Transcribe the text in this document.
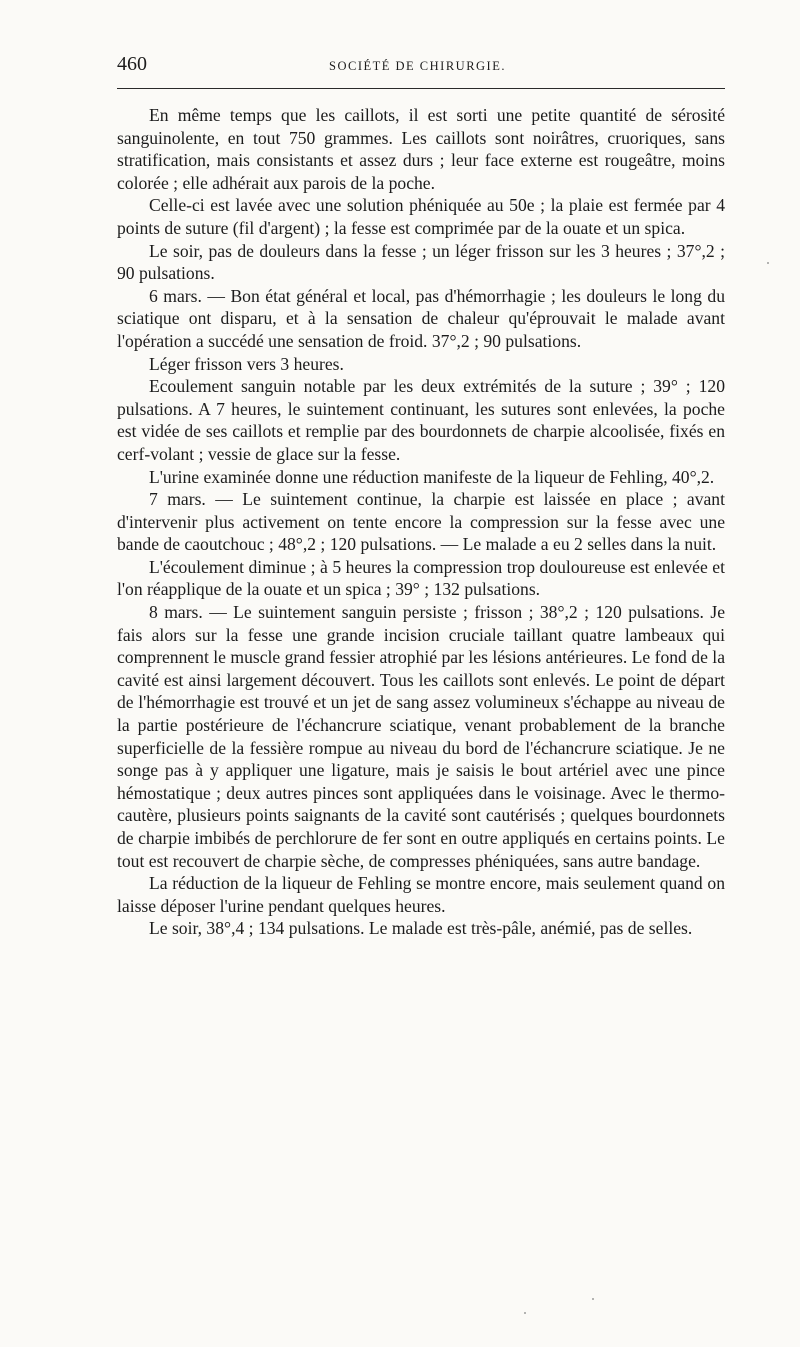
460	SOCIÉTÉ DE CHIRURGIE.

En même temps que les caillots, il est sorti une petite quantité de sérosité sanguinolente, en tout 750 grammes. Les caillots sont noirâtres, cruoriques, sans stratification, mais consistants et assez durs ; leur face externe est rougeâtre, moins colorée ; elle adhérait aux parois de la poche.

Celle-ci est lavée avec une solution phéniquée au 50e ; la plaie est fermée par 4 points de suture (fil d'argent) ; la fesse est comprimée par de la ouate et un spica.

Le soir, pas de douleurs dans la fesse ; un léger frisson sur les 3 heures ; 37°,2 ; 90 pulsations.

6 mars. — Bon état général et local, pas d'hémorrhagie ; les douleurs le long du sciatique ont disparu, et à la sensation de chaleur qu'éprouvait le malade avant l'opération a succédé une sensation de froid. 37°,2 ; 90 pulsations.

Léger frisson vers 3 heures.

Ecoulement sanguin notable par les deux extrémités de la suture ; 39° ; 120 pulsations. A 7 heures, le suintement continuant, les sutures sont enlevées, la poche est vidée de ses caillots et remplie par des bourdonnets de charpie alcoolisée, fixés en cerf-volant ; vessie de glace sur la fesse.

L'urine examinée donne une réduction manifeste de la liqueur de Fehling, 40°,2.

7 mars. — Le suintement continue, la charpie est laissée en place ; avant d'intervenir plus activement on tente encore la compression sur la fesse avec une bande de caoutchouc ; 48°,2 ; 120 pulsations. — Le malade a eu 2 selles dans la nuit.

L'écoulement diminue ; à 5 heures la compression trop douloureuse est enlevée et l'on réapplique de la ouate et un spica ; 39° ; 132 pulsations.

8 mars. — Le suintement sanguin persiste ; frisson ; 38°,2 ; 120 pulsations. Je fais alors sur la fesse une grande incision cruciale taillant quatre lambeaux qui comprennent le muscle grand fessier atrophié par les lésions antérieures. Le fond de la cavité est ainsi largement découvert. Tous les caillots sont enlevés. Le point de départ de l'hémorrhagie est trouvé et un jet de sang assez volumineux s'échappe au niveau de la partie postérieure de l'échancrure sciatique, venant probablement de la branche superficielle de la fessière rompue au niveau du bord de l'échancrure sciatique. Je ne songe pas à y appliquer une ligature, mais je saisis le bout artériel avec une pince hémostatique ; deux autres pinces sont appliquées dans le voisinage. Avec le thermo-cautère, plusieurs points saignants de la cavité sont cautérisés ; quelques bourdonnets de charpie imbibés de perchlorure de fer sont en outre appliqués en certains points. Le tout est recouvert de charpie sèche, de compresses phéniquées, sans autre bandage.

La réduction de la liqueur de Fehling se montre encore, mais seulement quand on laisse déposer l'urine pendant quelques heures.

Le soir, 38°,4 ; 134 pulsations. Le malade est très-pâle, anémié, pas de selles.
